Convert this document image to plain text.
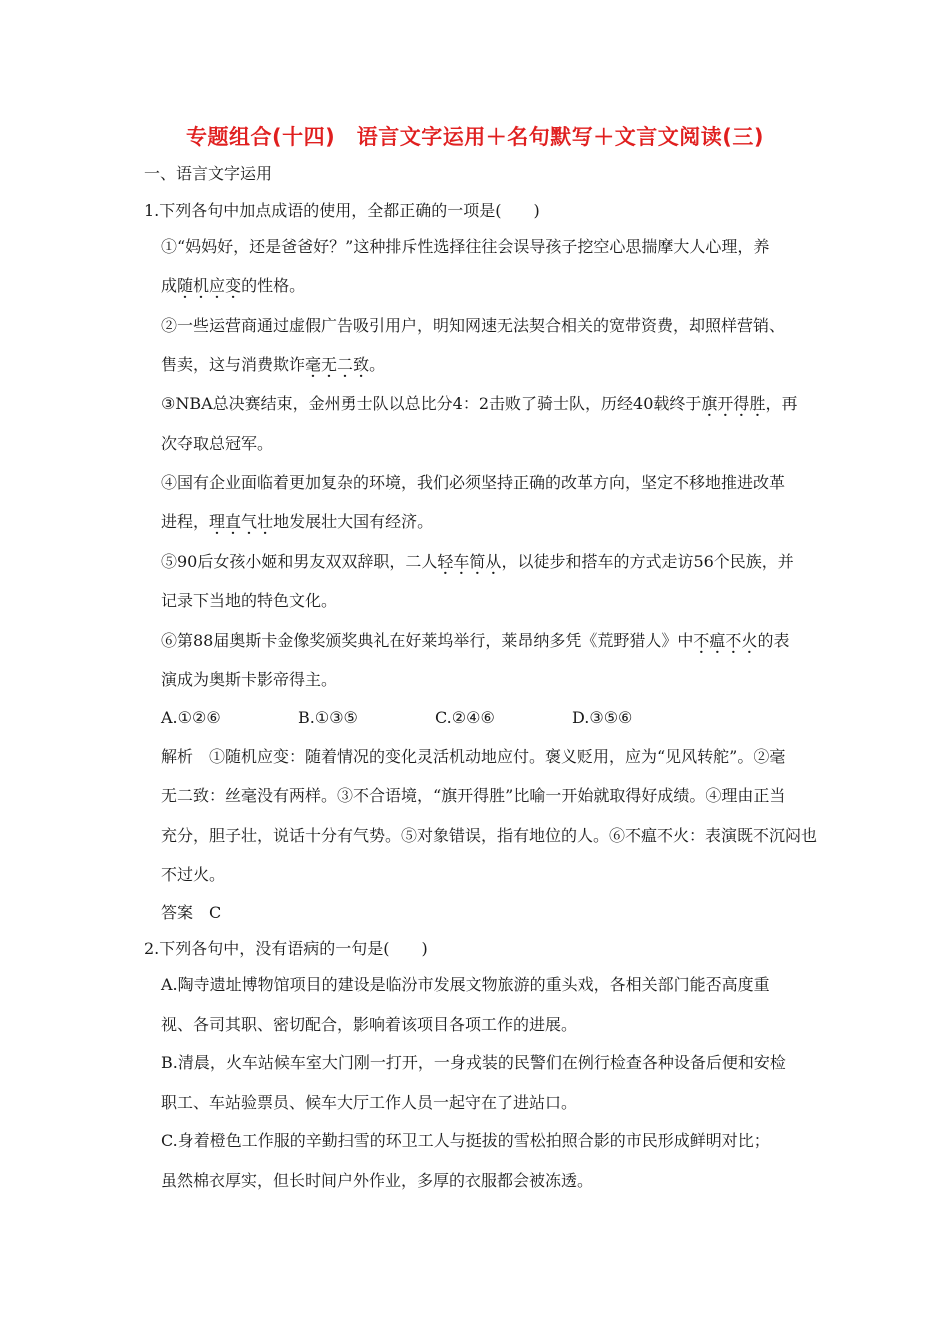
专题组合(十四)　语言文字运用＋名句默写＋文言文阅读(三)
一、语言文字运用
1.下列各句中加点成语的使用，全都正确的一项是(　　)
①“妈妈好，还是爸爸好？”这种排斥性选择往往会误导孩子挖空心思揣摩大人心理，养
成随机应变的性格。
②一些运营商通过虚假广告吸引用户，明知网速无法契合相关的宽带资费，却照样营销、
售卖，这与消费欺诈毫无二致。
③NBA总决赛结束，金州勇士队以总比分4：2击败了骑士队，历经40载终于旗开得胜，再
次夺取总冠军。
④国有企业面临着更加复杂的环境，我们必须坚持正确的改革方向，坚定不移地推进改革
进程，理直气壮地发展壮大国有经济。
⑤90后女孩小姬和男友双双辞职，二人轻车简从，以徒步和搭车的方式走访56个民族，并
记录下当地的特色文化。
⑥第88届奥斯卡金像奖颁奖典礼在好莱坞举行，莱昂纳多凭《荒野猎人》中不瘟不火的表
演成为奥斯卡影帝得主。
A.①②⑥	B.①③⑤	C.②④⑥	D.③⑤⑥
解析　①随机应变：随着情况的变化灵活机动地应付。褒义贬用，应为“见风转舵”。②毫
无二致：丝毫没有两样。③不合语境，“旗开得胜”比喻一开始就取得好成绩。④理由正当
充分，胆子壮，说话十分有气势。⑤对象错误，指有地位的人。⑥不瘟不火：表演既不沉闷也
不过火。
答案　C
2.下列各句中，没有语病的一句是(　　)
A.陶寺遗址博物馆项目的建设是临汾市发展文物旅游的重头戏，各相关部门能否高度重
视、各司其职、密切配合，影响着该项目各项工作的进展。
B.清晨，火车站候车室大门刚一打开，一身戎装的民警们在例行检查各种设备后便和安检
职工、车站验票员、候车大厅工作人员一起守在了进站口。
C.身着橙色工作服的辛勤扫雪的环卫工人与挺拔的雪松拍照合影的市民形成鲜明对比；
虽然棉衣厚实，但长时间户外作业，多厚的衣服都会被冻透。
